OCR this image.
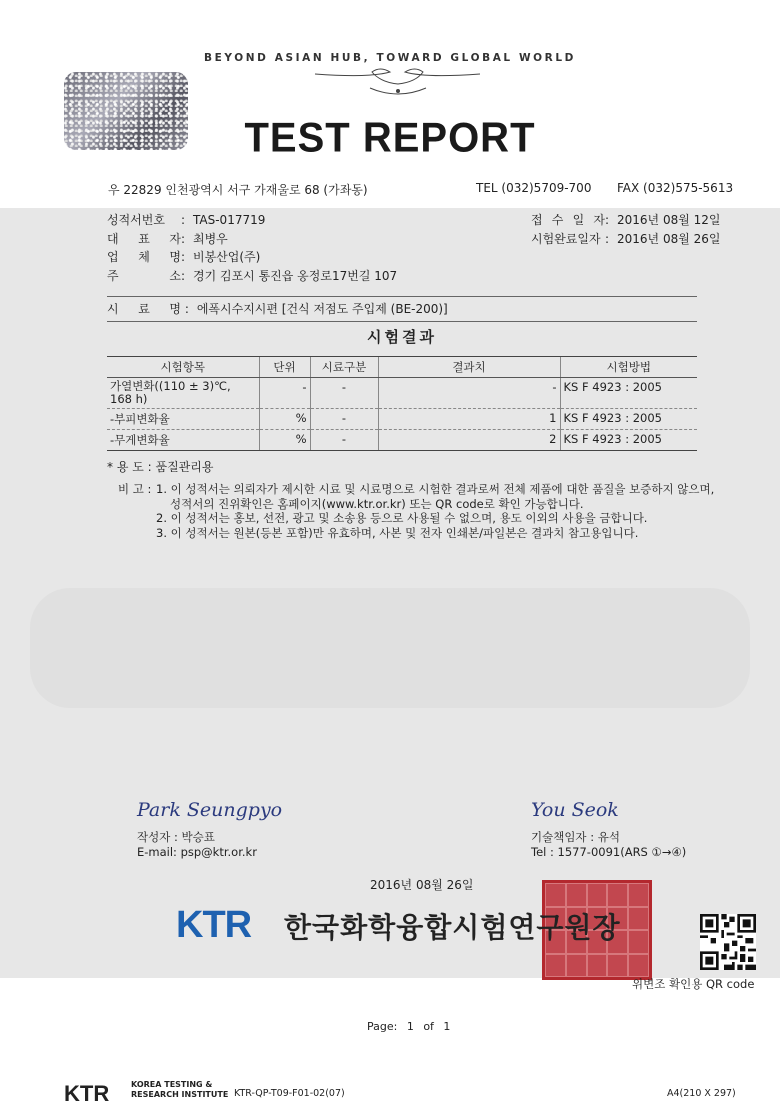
BEYOND ASIAN HUB, TOWARD GLOBAL WORLD
TEST REPORT
우 22829 인천광역시 서구 가재울로 68 (가좌동)	TEL (032)5709-700 FAX (032)575-5613
성적서번호	: TAS-017719
대 표 자 : 최병우
업 체 명 : 비봉산업(주)
주 소 : 경기 김포시 통진읍 옹정로17번길 107
접 수 일 자 : 2016년 08월 12일
시험완료일자 : 2016년 08월 26일
시 료 명 : 에폭시수지시편 [건식 저점도 주입제 (BE-200)]
시험결과
시험항목	단위	시료구분	결과치	시험방법
가열변화((110 ± 3)℃, 168 h)	-	-	-	KS F 4923 : 2005
-부피변화율	%	-	1	KS F 4923 : 2005
-무게변화율	%	-	2	KS F 4923 : 2005
* 용 도 : 품질관리용
비 고 : 1. 이 성적서는 의뢰자가 제시한 시료 및 시료명으로 시험한 결과로써 전체 제품에 대한 품질을 보증하지 않으며,
성적서의 진위확인은 홈페이지(www.ktr.or.kr) 또는 QR code로 확인 가능합니다.
2. 이 성적서는 홍보, 선전, 광고 및 소송용 등으로 사용될 수 없으며, 용도 이외의 사용을 금합니다.
3. 이 성적서는 원본(등본 포함)만 유효하며, 사본 및 전자 인쇄본/파일본은 결과치 참고용입니다.
Park Seungpyo
작성자 : 박승표
E-mail: psp@ktr.or.kr
You Seok
기술책임자 : 유석
Tel : 1577-0091(ARS ①→④)
2016년 08월 26일
KTR 한국화학융합시험연구원장
위변조 확인용 QR code
Page: 1 of 1
KTR	KOREA TESTING &
RESEARCH INSTITUTE KTR-QP-T09-F01-02(07)	A4(210 X 297)
